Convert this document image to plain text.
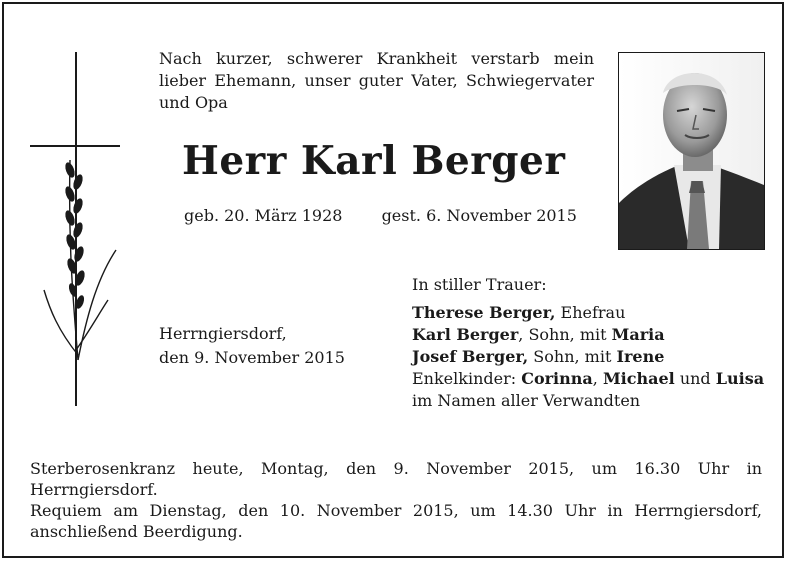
Nach kurzer, schwerer Krankheit verstarb mein lieber Ehemann, unser guter Vater, Schwiegervater und Opa
Herr Karl Berger
geb. 20. März 1928 gest. 6. November 2015
Herrngiersdorf,
den 9. November 2015
In stiller Trauer:
Therese Berger, Ehefrau
Karl Berger, Sohn, mit Maria
Josef Berger, Sohn, mit Irene
Enkelkinder: Corinna, Michael und Luisa
im Namen aller Verwandten
Sterberosenkranz heute, Montag, den 9. November 2015, um 16.30 Uhr in Herrngiersdorf.
Requiem am Dienstag, den 10. November 2015, um 14.30 Uhr in Herrngiersdorf, anschließend Beerdigung.
